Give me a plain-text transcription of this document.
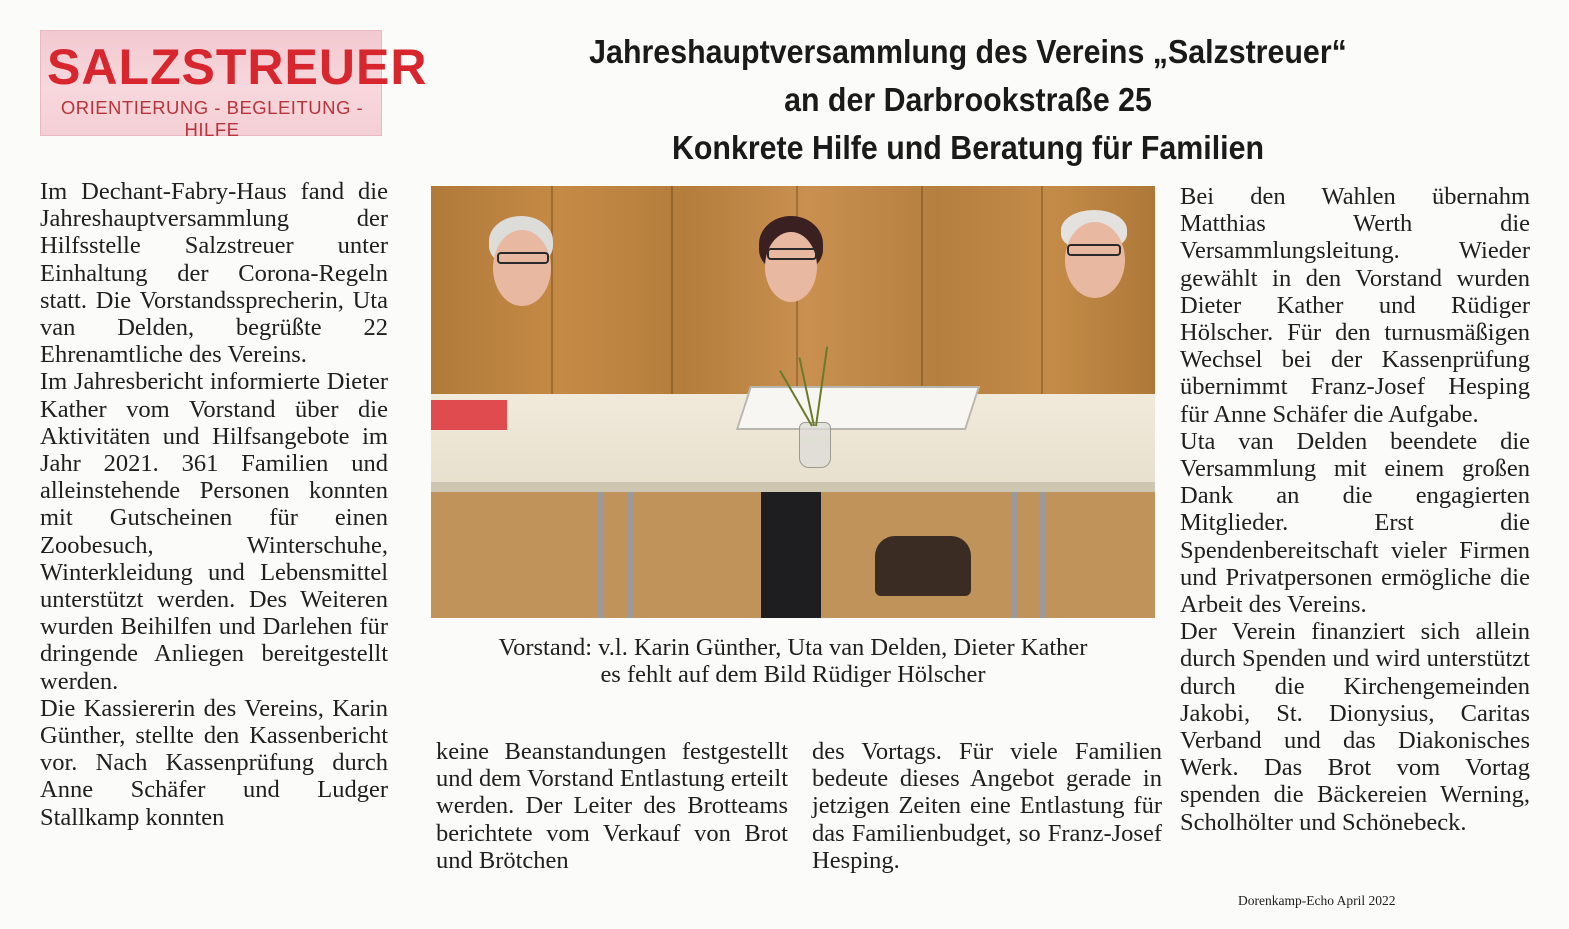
SALZSTREUER
ORIENTIERUNG - BEGLEITUNG - HILFE
Jahreshauptversammlung des Vereins „Salzstreuer“
an der Darbrookstraße 25
Konkrete Hilfe und Beratung für Familien

Im Dechant-Fabry-Haus fand die Jahreshauptversammlung der Hilfsstelle Salzstreuer unter Einhaltung der Corona-Regeln statt. Die Vorstandssprecherin, Uta van Delden, begrüßte 22 Ehrenamtliche des Vereins.

Im Jahresbericht informierte Dieter Kather vom Vorstand über die Aktivitäten und Hilfsangebote im Jahr 2021. 361 Familien und alleinstehende Personen konnten mit Gutscheinen für einen Zoobesuch, Winterschuhe, Winterkleidung und Lebensmittel unterstützt werden. Des Weiteren wurden Beihilfen und Darlehen für dringende Anliegen bereitgestellt werden.

Die Kassiererin des Vereins, Karin Günther, stellte den Kassenbericht vor. Nach Kassenprüfung durch Anne Schäfer und Ludger Stallkamp konnten

Vorstand: v.l. Karin Günther, Uta van Delden, Dieter Kather
es fehlt auf dem Bild Rüdiger Hölscher

keine Beanstandungen festgestellt und dem Vorstand Entlastung erteilt werden. Der Leiter des Brotteams berichtete vom Verkauf von Brot und Brötchen

des Vortags. Für viele Familien bedeute dieses Angebot gerade in jetzigen Zeiten eine Entlastung für das Familienbudget, so Franz-Josef Hesping.

Bei den Wahlen übernahm Matthias Werth die Versammlungsleitung. Wieder gewählt in den Vorstand wurden Dieter Kather und Rüdiger Hölscher. Für den turnusmäßigen Wechsel bei der Kassenprüfung übernimmt Franz-Josef Hesping für Anne Schäfer die Aufgabe.

Uta van Delden beendete die Versammlung mit einem großen Dank an die engagierten Mitglieder. Erst die Spendenbereitschaft vieler Firmen und Privatpersonen ermögliche die Arbeit des Vereins.

Der Verein finanziert sich allein durch Spenden und wird unterstützt durch die Kirchengemeinden Jakobi, St. Dionysius, Caritas Verband und das Diakonisches Werk. Das Brot vom Vortag spenden die Bäckereien Werning, Scholhölter und Schönebeck.

Dorenkamp-Echo April 2022
